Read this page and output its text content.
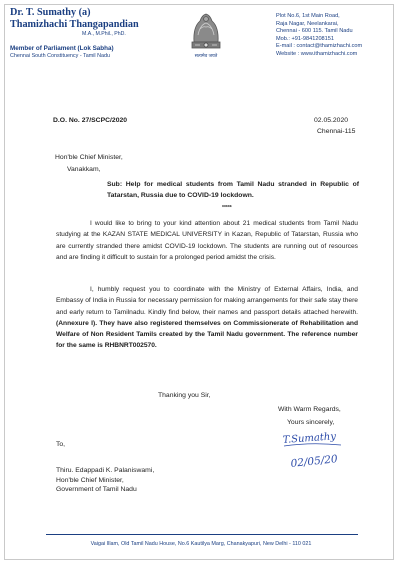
Dr. T. Sumathy (a)
Thamizhachi Thangapandian
M.A., M.Phil., PhD.
Member of Parliament (Lok Sabha)
Chennai South Constituency - Tamil Nadu	सत्यमेव जयते
Plot No.6, 1st Main Road,
Raja Nagar, Neelankarai,
Chennai - 600 115. Tamil Nadu
Mob.: +91-9841208151
E-mail : contact@thamizhachi.com
Website : www.ithamizhachi.com
D.O. No. 27/SCPC/2020	02.05.2020
Chennai-115
Hon'ble Chief Minister,
Vanakkam,
Sub: Help for medical students from Tamil Nadu stranded in Republic of Tatarstan, Russia due to COVID-19 lockdown.
*****
I would like to bring to your kind attention about 21 medical students from Tamil Nadu studying at the KAZAN STATE MEDICAL UNIVERSITY in Kazan, Republic of Tatarstan, Russia who are currently stranded there amidst COVID-19 lockdown. The students are running out of resources and are finding it difficult to sustain for a prolonged period amidst the crisis.
I, humbly request you to coordinate with the Ministry of External Affairs, India, and Embassy of India in Russia for necessary permission for making arrangements for their safe stay there and early return to Tamilnadu. Kindly find below, their names and passport details attached herewith. (Annexure I). They have also registered themselves on Commissionerate of Rehabilitation and Welfare of Non Resident Tamils created by the Tamil Nadu government. The reference number for the same is RHBNRT002570.
Thanking you Sir,
With Warm Regards,
Yours sincerely,
T.Sumathy
02/05/20
To,
Thiru. Edappadi K. Palaniswami,
Hon'ble Chief Minister,
Government of Tamil Nadu
Vaigai Illam, Old Tamil Nadu House, No.6 Kautilya Marg, Chanakyapuri, New Delhi - 110 021
